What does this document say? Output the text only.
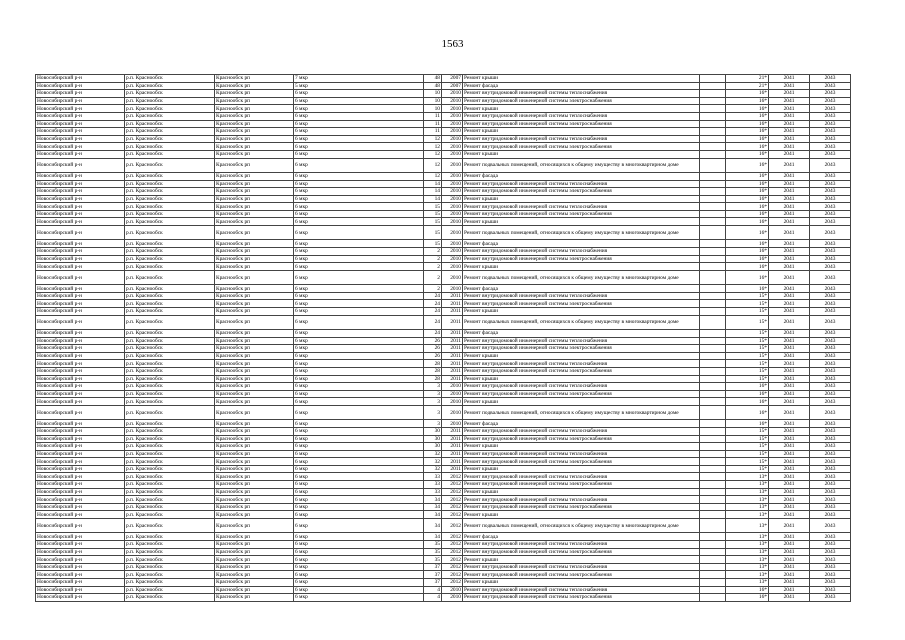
1563
Новосибирский р-н	р.п. Краснообск	Краснообск рп	7 мкр	48	2007	Ремонт крыши		21*	2041	2043
Новосибирский р-н	р.п. Краснообск	Краснообск рп	5 мкр	48	2007	Ремонт фасада		21*	2041	2043
Новосибирский р-н	р.п. Краснообск	Краснообск рп	6 мкр	10	2010	Ремонт внутридомовой инженерной системы теплоснабжения		16*	2041	2043
Новосибирский р-н	р.п. Краснообск	Краснообск рп	6 мкр	10	2010	Ремонт внутридомовой инженерной системы электроснабжения		16*	2041	2043
Новосибирский р-н	р.п. Краснообск	Краснообск рп	6 мкр	10	2010	Ремонт крыши		16*	2041	2043
Новосибирский р-н	р.п. Краснообск	Краснообск рп	6 мкр	11	2010	Ремонт внутридомовой инженерной системы теплоснабжения		16*	2041	2043
Новосибирский р-н	р.п. Краснообск	Краснообск рп	6 мкр	11	2010	Ремонт внутридомовой инженерной системы электроснабжения		16*	2041	2043
Новосибирский р-н	р.п. Краснообск	Краснообск рп	6 мкр	11	2010	Ремонт крыши		16*	2041	2043
Новосибирский р-н	р.п. Краснообск	Краснообск рп	6 мкр	12	2010	Ремонт внутридомовой инженерной системы теплоснабжения		16*	2041	2043
Новосибирский р-н	р.п. Краснообск	Краснообск рп	6 мкр	12	2010	Ремонт внутридомовой инженерной системы электроснабжения		16*	2041	2043
Новосибирский р-н	р.п. Краснообск	Краснообск рп	6 мкр	12	2010	Ремонт крыши		16*	2041	2043
Новосибирский р-н	р.п. Краснообск	Краснообск рп	6 мкр	12	2010	Ремонт подвальных помещений, относящихся к общему имуществу в многоквартирном доме		16*	2041	2043
Новосибирский р-н	р.п. Краснообск	Краснообск рп	6 мкр	12	2010	Ремонт фасада		16*	2041	2043
Новосибирский р-н	р.п. Краснообск	Краснообск рп	6 мкр	14	2010	Ремонт внутридомовой инженерной системы теплоснабжения		16*	2041	2043
Новосибирский р-н	р.п. Краснообск	Краснообск рп	6 мкр	14	2010	Ремонт внутридомовой инженерной системы электроснабжения		16*	2041	2043
Новосибирский р-н	р.п. Краснообск	Краснообск рп	6 мкр	14	2010	Ремонт крыши		16*	2041	2043
Новосибирский р-н	р.п. Краснообск	Краснообск рп	6 мкр	15	2010	Ремонт внутридомовой инженерной системы теплоснабжения		16*	2041	2043
Новосибирский р-н	р.п. Краснообск	Краснообск рп	6 мкр	15	2010	Ремонт внутридомовой инженерной системы электроснабжения		16*	2041	2043
Новосибирский р-н	р.п. Краснообск	Краснообск рп	6 мкр	15	2010	Ремонт крыши		16*	2041	2043
Новосибирский р-н	р.п. Краснообск	Краснообск рп	6 мкр	15	2010	Ремонт подвальных помещений, относящихся к общему имуществу в многоквартирном доме		16*	2041	2043
Новосибирский р-н	р.п. Краснообск	Краснообск рп	6 мкр	15	2010	Ремонт фасада		16*	2041	2043
Новосибирский р-н	р.п. Краснообск	Краснообск рп	6 мкр	2	2010	Ремонт внутридомовой инженерной системы теплоснабжения		16*	2041	2043
Новосибирский р-н	р.п. Краснообск	Краснообск рп	6 мкр	2	2010	Ремонт внутридомовой инженерной системы электроснабжения		16*	2041	2043
Новосибирский р-н	р.п. Краснообск	Краснообск рп	6 мкр	2	2010	Ремонт крыши		16*	2041	2043
Новосибирский р-н	р.п. Краснообск	Краснообск рп	6 мкр	2	2010	Ремонт подвальных помещений, относящихся к общему имуществу в многоквартирном доме		16*	2041	2043
Новосибирский р-н	р.п. Краснообск	Краснообск рп	6 мкр	2	2010	Ремонт фасада		16*	2041	2043
Новосибирский р-н	р.п. Краснообск	Краснообск рп	6 мкр	24	2011	Ремонт внутридомовой инженерной системы теплоснабжения		15*	2041	2043
Новосибирский р-н	р.п. Краснообск	Краснообск рп	6 мкр	24	2011	Ремонт внутридомовой инженерной системы электроснабжения		15*	2041	2043
Новосибирский р-н	р.п. Краснообск	Краснообск рп	6 мкр	24	2011	Ремонт крыши		15*	2041	2043
Новосибирский р-н	р.п. Краснообск	Краснообск рп	6 мкр	24	2011	Ремонт подвальных помещений, относящихся к общему имуществу в многоквартирном доме		15*	2041	2043
Новосибирский р-н	р.п. Краснообск	Краснообск рп	6 мкр	24	2011	Ремонт фасада		15*	2041	2043
Новосибирский р-н	р.п. Краснообск	Краснообск рп	6 мкр	26	2011	Ремонт внутридомовой инженерной системы теплоснабжения		15*	2041	2043
Новосибирский р-н	р.п. Краснообск	Краснообск рп	6 мкр	26	2011	Ремонт внутридомовой инженерной системы электроснабжения		15*	2041	2043
Новосибирский р-н	р.п. Краснообск	Краснообск рп	6 мкр	26	2011	Ремонт крыши		15*	2041	2043
Новосибирский р-н	р.п. Краснообск	Краснообск рп	6 мкр	28	2011	Ремонт внутридомовой инженерной системы теплоснабжения		15*	2041	2043
Новосибирский р-н	р.п. Краснообск	Краснообск рп	6 мкр	28	2011	Ремонт внутридомовой инженерной системы электроснабжения		15*	2041	2043
Новосибирский р-н	р.п. Краснообск	Краснообск рп	6 мкр	28	2011	Ремонт крыши		15*	2041	2043
Новосибирский р-н	р.п. Краснообск	Краснообск рп	6 мкр	3	2010	Ремонт внутридомовой инженерной системы теплоснабжения		16*	2041	2043
Новосибирский р-н	р.п. Краснообск	Краснообск рп	6 мкр	3	2010	Ремонт внутридомовой инженерной системы электроснабжения		16*	2041	2043
Новосибирский р-н	р.п. Краснообск	Краснообск рп	6 мкр	3	2010	Ремонт крыши		16*	2041	2043
Новосибирский р-н	р.п. Краснообск	Краснообск рп	6 мкр	3	2010	Ремонт подвальных помещений, относящихся к общему имуществу в многоквартирном доме		16*	2041	2043
Новосибирский р-н	р.п. Краснообск	Краснообск рп	6 мкр	3	2010	Ремонт фасада		16*	2041	2043
Новосибирский р-н	р.п. Краснообск	Краснообск рп	6 мкр	30	2011	Ремонт внутридомовой инженерной системы теплоснабжения		15*	2041	2043
Новосибирский р-н	р.п. Краснообск	Краснообск рп	6 мкр	30	2011	Ремонт внутридомовой инженерной системы электроснабжения		15*	2041	2043
Новосибирский р-н	р.п. Краснообск	Краснообск рп	6 мкр	30	2011	Ремонт крыши		15*	2041	2043
Новосибирский р-н	р.п. Краснообск	Краснообск рп	6 мкр	32	2011	Ремонт внутридомовой инженерной системы теплоснабжения		15*	2041	2043
Новосибирский р-н	р.п. Краснообск	Краснообск рп	6 мкр	32	2011	Ремонт внутридомовой инженерной системы электроснабжения		15*	2041	2043
Новосибирский р-н	р.п. Краснообск	Краснообск рп	6 мкр	32	2011	Ремонт крыши		15*	2041	2043
Новосибирский р-н	р.п. Краснообск	Краснообск рп	6 мкр	33	2012	Ремонт внутридомовой инженерной системы теплоснабжения		13*	2041	2043
Новосибирский р-н	р.п. Краснообск	Краснообск рп	6 мкр	33	2012	Ремонт внутридомовой инженерной системы электроснабжения		13*	2041	2043
Новосибирский р-н	р.п. Краснообск	Краснообск рп	6 мкр	33	2012	Ремонт крыши		13*	2041	2043
Новосибирский р-н	р.п. Краснообск	Краснообск рп	6 мкр	34	2012	Ремонт внутридомовой инженерной системы теплоснабжения		13*	2041	2043
Новосибирский р-н	р.п. Краснообск	Краснообск рп	6 мкр	34	2012	Ремонт внутридомовой инженерной системы электроснабжения		13*	2041	2043
Новосибирский р-н	р.п. Краснообск	Краснообск рп	6 мкр	34	2012	Ремонт крыши		13*	2041	2043
Новосибирский р-н	р.п. Краснообск	Краснообск рп	6 мкр	34	2012	Ремонт подвальных помещений, относящихся к общему имуществу в многоквартирном доме		13*	2041	2043
Новосибирский р-н	р.п. Краснообск	Краснообск рп	6 мкр	34	2012	Ремонт фасада		13*	2041	2043
Новосибирский р-н	р.п. Краснообск	Краснообск рп	6 мкр	35	2012	Ремонт внутридомовой инженерной системы теплоснабжения		13*	2041	2043
Новосибирский р-н	р.п. Краснообск	Краснообск рп	6 мкр	35	2012	Ремонт внутридомовой инженерной системы электроснабжения		13*	2041	2043
Новосибирский р-н	р.п. Краснообск	Краснообск рп	6 мкр	35	2012	Ремонт крыши		13*	2041	2043
Новосибирский р-н	р.п. Краснообск	Краснообск рп	6 мкр	37	2012	Ремонт внутридомовой инженерной системы теплоснабжения		13*	2041	2043
Новосибирский р-н	р.п. Краснообск	Краснообск рп	6 мкр	37	2012	Ремонт внутридомовой инженерной системы электроснабжения		13*	2041	2043
Новосибирский р-н	р.п. Краснообск	Краснообск рп	6 мкр	37	2012	Ремонт крыши		13*	2041	2043
Новосибирский р-н	р.п. Краснообск	Краснообск рп	6 мкр	4	2010	Ремонт внутридомовой инженерной системы теплоснабжения		16*	2041	2043
Новосибирский р-н	р.п. Краснообск	Краснообск рп	6 мкр	4	2010	Ремонт внутридомовой инженерной системы электроснабжения		16*	2041	2043
